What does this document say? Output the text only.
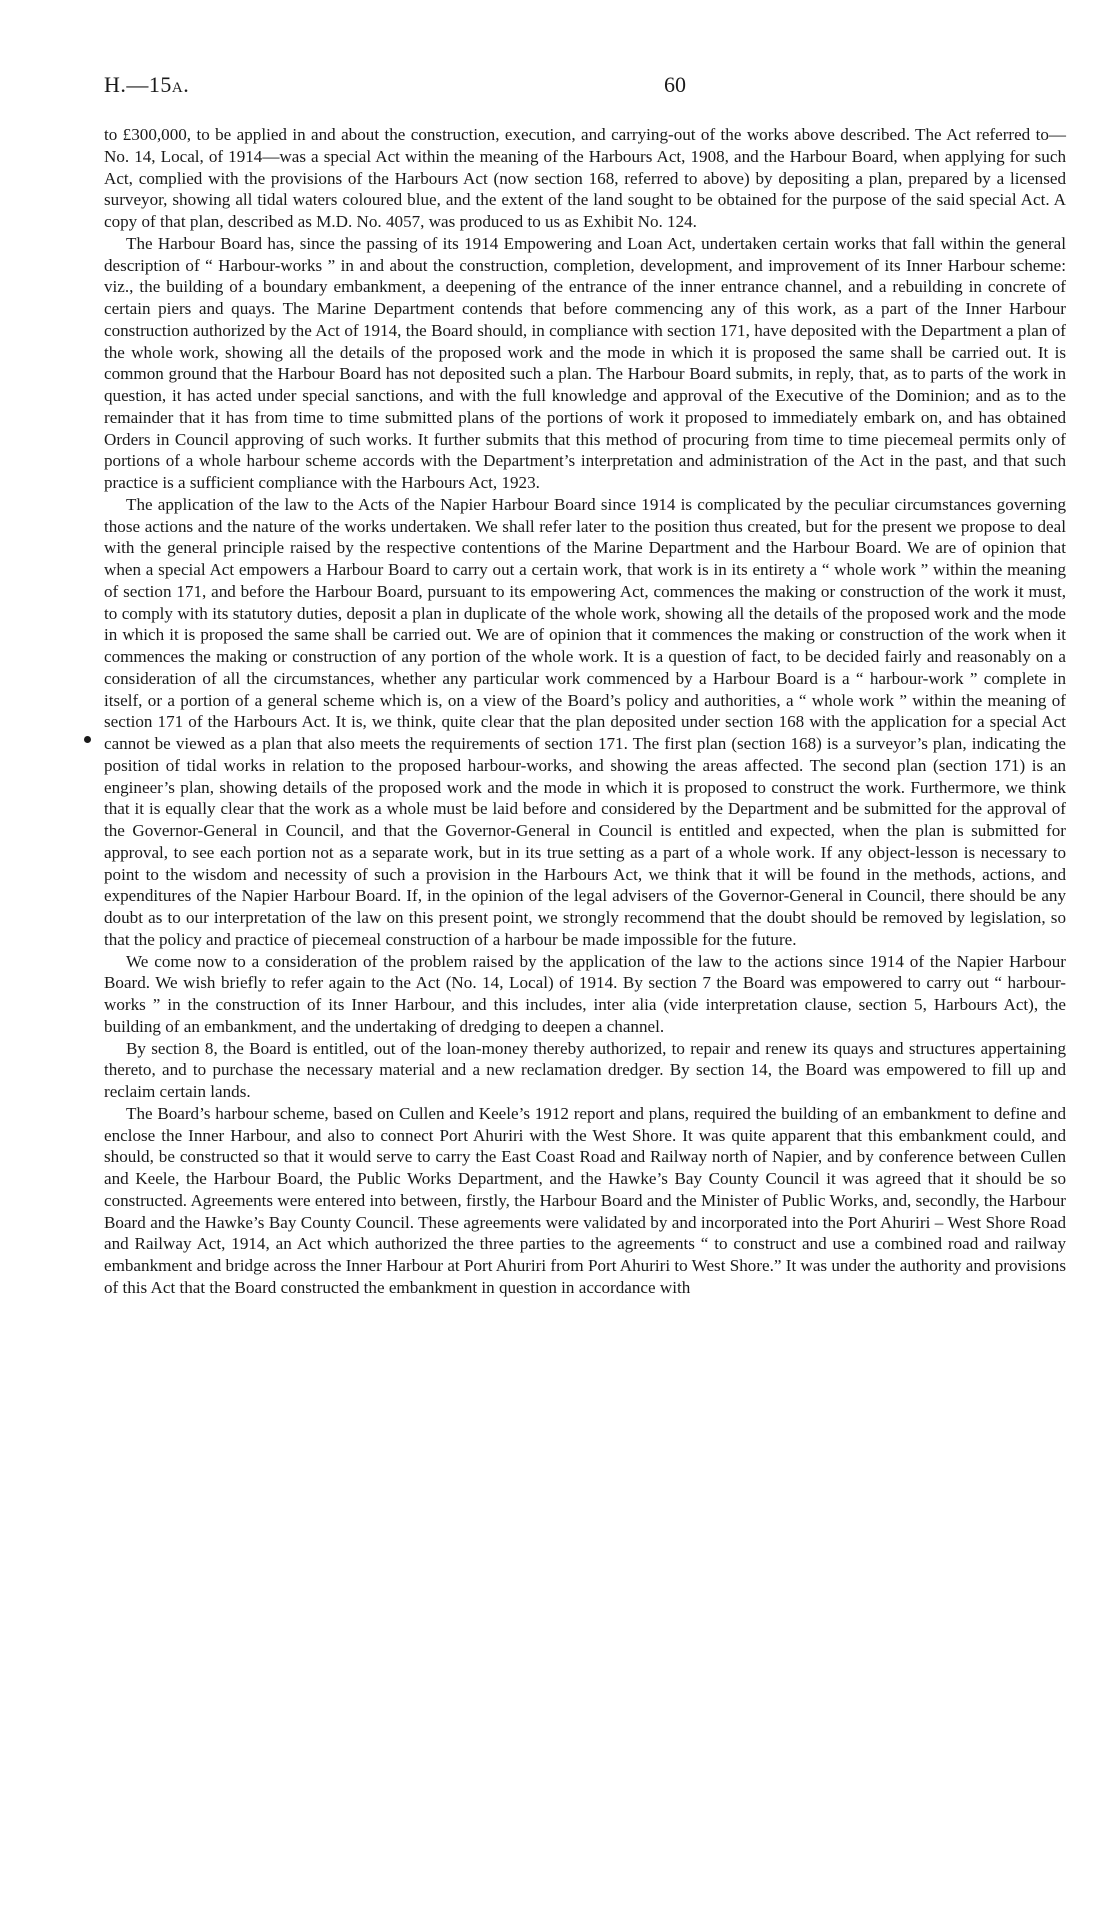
H.—15A.	60

to £300,000, to be applied in and about the construction, execution, and carrying-out of the works above described. The Act referred to—No. 14, Local, of 1914—was a special Act within the meaning of the Harbours Act, 1908, and the Harbour Board, when applying for such Act, complied with the provisions of the Harbours Act (now section 168, referred to above) by depositing a plan, prepared by a licensed surveyor, showing all tidal waters coloured blue, and the extent of the land sought to be obtained for the purpose of the said special Act. A copy of that plan, described as M.D. No. 4057, was produced to us as Exhibit No. 124.

The Harbour Board has, since the passing of its 1914 Empowering and Loan Act, undertaken certain works that fall within the general description of “ Harbour-works ” in and about the construction, completion, development, and improvement of its Inner Harbour scheme: viz., the building of a boundary embankment, a deepening of the entrance of the inner entrance channel, and a rebuilding in concrete of certain piers and quays. The Marine Department contends that before commencing any of this work, as a part of the Inner Harbour construction authorized by the Act of 1914, the Board should, in compliance with section 171, have deposited with the Department a plan of the whole work, showing all the details of the proposed work and the mode in which it is proposed the same shall be carried out. It is common ground that the Harbour Board has not deposited such a plan. The Harbour Board submits, in reply, that, as to parts of the work in question, it has acted under special sanctions, and with the full knowledge and approval of the Executive of the Dominion; and as to the remainder that it has from time to time submitted plans of the portions of work it proposed to immediately embark on, and has obtained Orders in Council approving of such works. It further submits that this method of procuring from time to time piecemeal permits only of portions of a whole harbour scheme accords with the Department’s interpretation and administration of the Act in the past, and that such practice is a sufficient compliance with the Harbours Act, 1923.

The application of the law to the Acts of the Napier Harbour Board since 1914 is complicated by the peculiar circumstances governing those actions and the nature of the works undertaken. We shall refer later to the position thus created, but for the present we propose to deal with the general principle raised by the respective contentions of the Marine Department and the Harbour Board. We are of opinion that when a special Act empowers a Harbour Board to carry out a certain work, that work is in its entirety a “ whole work ” within the meaning of section 171, and before the Harbour Board, pursuant to its empowering Act, commences the making or construction of the work it must, to comply with its statutory duties, deposit a plan in duplicate of the whole work, showing all the details of the proposed work and the mode in which it is proposed the same shall be carried out. We are of opinion that it commences the making or construction of the work when it commences the making or construction of any portion of the whole work. It is a question of fact, to be decided fairly and reasonably on a consideration of all the circumstances, whether any particular work commenced by a Harbour Board is a “ harbour-work ” complete in itself, or a portion of a general scheme which is, on a view of the Board’s policy and authorities, a “ whole work ” within the meaning of section 171 of the Harbours Act. It is, we think, quite clear that the plan deposited under section 168 with the application for a special Act cannot be viewed as a plan that also meets the requirements of section 171. The first plan (section 168) is a surveyor’s plan, indicating the position of tidal works in relation to the proposed harbour-works, and showing the areas affected. The second plan (section 171) is an engineer’s plan, showing details of the proposed work and the mode in which it is proposed to construct the work. Furthermore, we think that it is equally clear that the work as a whole must be laid before and considered by the Department and be submitted for the approval of the Governor-General in Council, and that the Governor-General in Council is entitled and expected, when the plan is submitted for approval, to see each portion not as a separate work, but in its true setting as a part of a whole work. If any object-lesson is necessary to point to the wisdom and necessity of such a provision in the Harbours Act, we think that it will be found in the methods, actions, and expenditures of the Napier Harbour Board. If, in the opinion of the legal advisers of the Governor-General in Council, there should be any doubt as to our interpretation of the law on this present point, we strongly recommend that the doubt should be removed by legislation, so that the policy and practice of piecemeal construction of a harbour be made impossible for the future.

We come now to a consideration of the problem raised by the application of the law to the actions since 1914 of the Napier Harbour Board. We wish briefly to refer again to the Act (No. 14, Local) of 1914. By section 7 the Board was empowered to carry out “ harbour-works ” in the construction of its Inner Harbour, and this includes, inter alia (vide interpretation clause, section 5, Harbours Act), the building of an embankment, and the undertaking of dredging to deepen a channel.

By section 8, the Board is entitled, out of the loan-money thereby authorized, to repair and renew its quays and structures appertaining thereto, and to purchase the necessary material and a new reclamation dredger. By section 14, the Board was empowered to fill up and reclaim certain lands.

The Board’s harbour scheme, based on Cullen and Keele’s 1912 report and plans, required the building of an embankment to define and enclose the Inner Harbour, and also to connect Port Ahuriri with the West Shore. It was quite apparent that this embankment could, and should, be constructed so that it would serve to carry the East Coast Road and Railway north of Napier, and by conference between Cullen and Keele, the Harbour Board, the Public Works Department, and the Hawke’s Bay County Council it was agreed that it should be so constructed. Agreements were entered into between, firstly, the Harbour Board and the Minister of Public Works, and, secondly, the Harbour Board and the Hawke’s Bay County Council. These agreements were validated by and incorporated into the Port Ahuriri – West Shore Road and Railway Act, 1914, an Act which authorized the three parties to the agreements “ to construct and use a combined road and railway embankment and bridge across the Inner Harbour at Port Ahuriri from Port Ahuriri to West Shore.” It was under the authority and provisions of this Act that the Board constructed the embankment in question in accordance with
